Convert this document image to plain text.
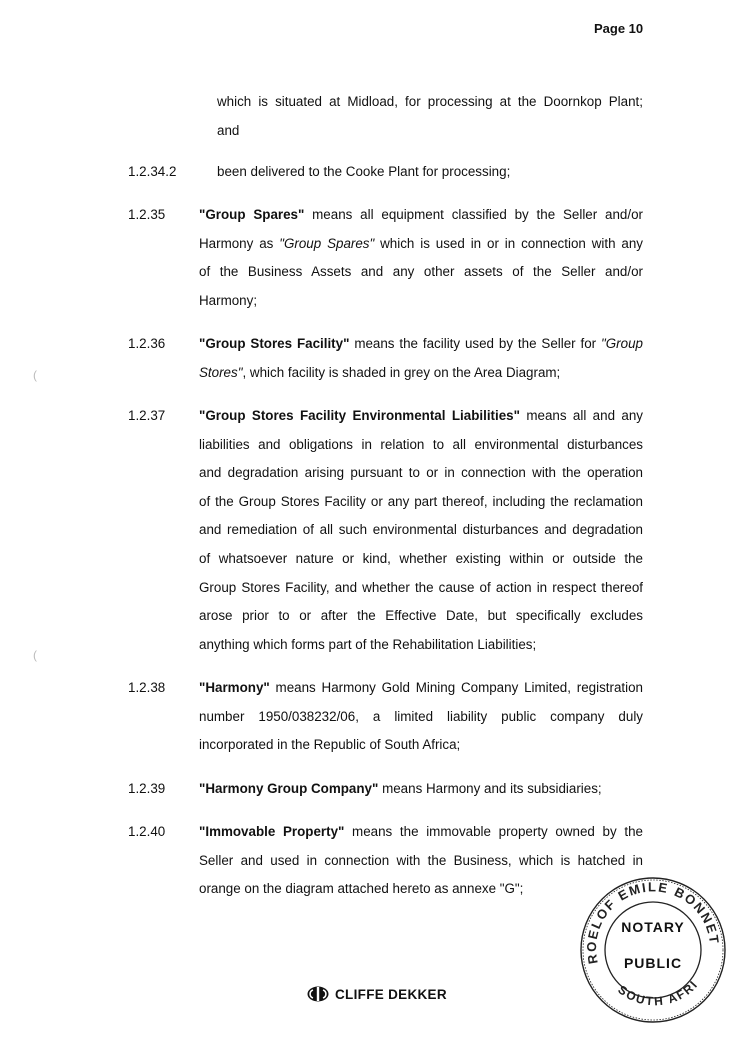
Page 10
which is situated at Midload, for processing at the Doornkop Plant;
and
1.2.34.2	been delivered to the Cooke Plant for processing;
1.2.35	"Group Spares" means all equipment classified by the Seller and/or
Harmony as "Group Spares" which is used in or in connection with any
of the Business Assets and any other assets of the Seller and/or
Harmony;
1.2.36	"Group Stores Facility" means the facility used by the Seller for "Group
Stores", which facility is shaded in grey on the Area Diagram;
1.2.37	"Group Stores Facility Environmental Liabilities" means all and any
liabilities and obligations in relation to all environmental disturbances
and degradation arising pursuant to or in connection with the operation
of the Group Stores Facility or any part thereof, including the reclamation
and remediation of all such environmental disturbances and degradation
of whatsoever nature or kind, whether existing within or outside the
Group Stores Facility, and whether the cause of action in respect thereof
arose prior to or after the Effective Date, but specifically excludes
anything which forms part of the Rehabilitation Liabilities;
1.2.38	"Harmony" means Harmony Gold Mining Company Limited, registration
number 1950/038232/06, a limited liability public company duly
incorporated in the Republic of South Africa;
1.2.39	"Harmony Group Company" means Harmony and its subsidiaries;
1.2.40	"Immovable Property" means the immovable property owned by the
Seller and used in connection with the Business, which is hatched in
orange on the diagram attached hereto as annexe "G";
CLIFFE DEKKER
ROELOF EMILE BONNET
SOUTH AFRI
NOTARY
PUBLIC
(
(
